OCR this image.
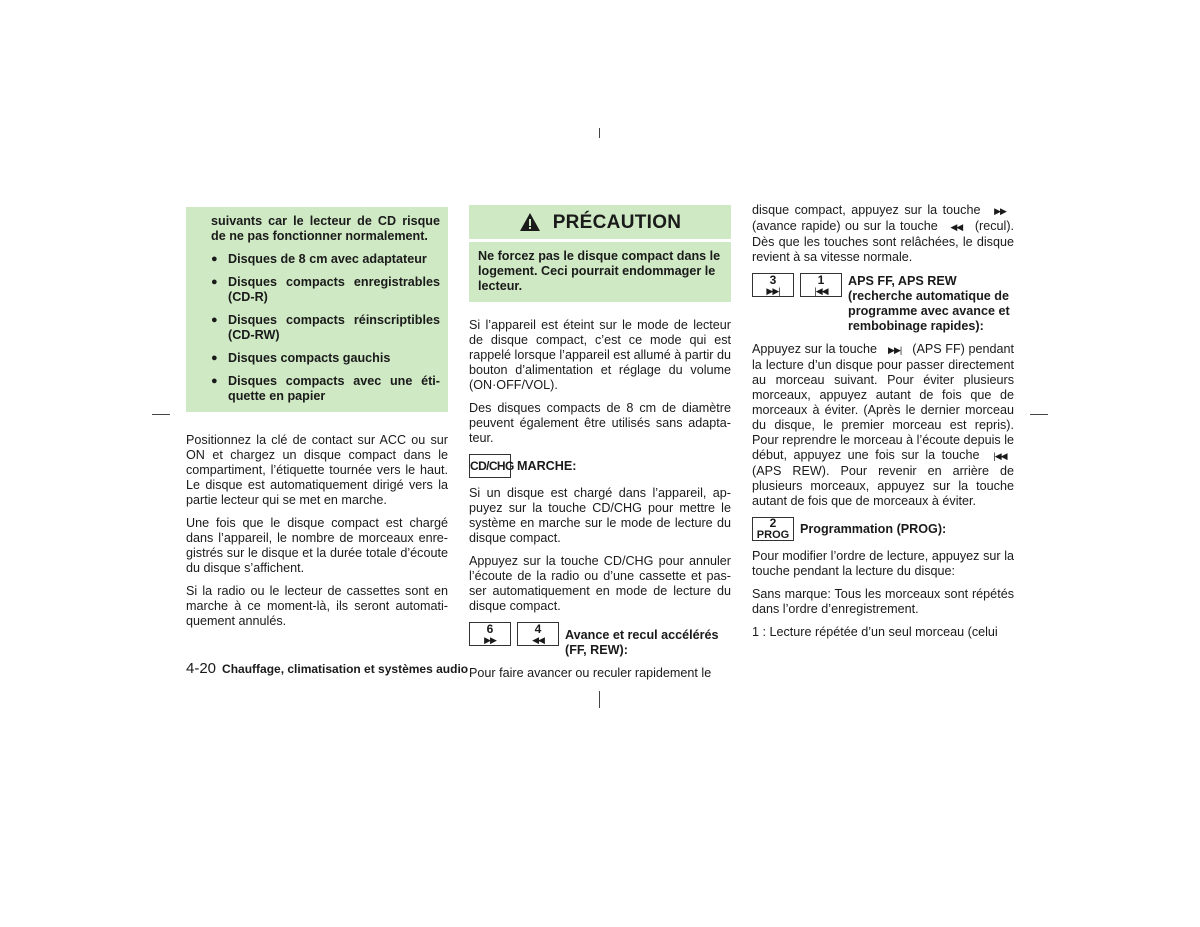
suivants car le lecteur de CD risque de ne pas fonctionner normalement.

● Disques de 8 cm avec adaptateur
● Disques compacts enregistrables (CD-R)
● Disques compacts réinscriptibles (CD-RW)
● Disques compacts gauchis
● Disques compacts avec une étiquette en papier

Positionnez la clé de contact sur ACC ou sur ON et chargez un disque compact dans le compartiment, l’étiquette tournée vers le haut. Le disque est automatiquement dirigé vers la partie lecteur qui se met en marche.

Une fois que le disque compact est chargé dans l’appareil, le nombre de morceaux enregistrés sur le disque et la durée totale d’écoute du disque s’affichent.

Si la radio ou le lecteur de cassettes sont en marche à ce moment-là, ils seront automatiquement annulés.

PRÉCAUTION
Ne forcez pas le disque compact dans le logement. Ceci pourrait endommager le lecteur.

Si l’appareil est éteint sur le mode de lecteur de disque compact, c’est ce mode qui est rappelé lorsque l’appareil est allumé à partir du bouton d’alimentation et réglage du volume (ON·OFF/VOL).

Des disques compacts de 8 cm de diamètre peuvent également être utilisés sans adaptateur.

CD/CHG MARCHE:

Si un disque est chargé dans l’appareil, appuyez sur la touche CD/CHG pour mettre le système en marche sur le mode de lecture du disque compact.

Appuyez sur la touche CD/CHG pour annuler l’écoute de la radio ou d’une cassette et passer automatiquement en mode de lecture du disque compact.

6
▶▶
4
◀◀ Avance et recul accélérés (FF, REW):

Pour faire avancer ou reculer rapidement le

disque compact, appuyez sur la touche ▶▶ (avance rapide) ou sur la touche ◀◀ (recul). Dès que les touches sont relâchées, le disque revient à sa vitesse normale.

3
▶▶|
1
|◀◀
APS FF, APS REW (recherche automatique de programme avec avance et rembobinage rapides):

Appuyez sur la touche ▶▶| (APS FF) pendant la lecture d’un disque pour passer directement au morceau suivant. Pour éviter plusieurs morceaux, appuyez autant de fois que de morceaux à éviter. (Après le dernier morceau du disque, le premier morceau est repris). Pour reprendre le morceau à l’écoute depuis le début, appuyez une fois sur la touche |◀◀ (APS REW). Pour revenir en arrière de plusieurs morceaux, appuyez sur la touche autant de fois que de morceaux à éviter.

2
PROG Programmation (PROG):

Pour modifier l’ordre de lecture, appuyez sur la touche pendant la lecture du disque:

Sans marque: Tous les morceaux sont répétés dans l’ordre d’enregistrement.

1 : Lecture répétée d’un seul morceau (celui

4-20 Chauffage, climatisation et systèmes audio
